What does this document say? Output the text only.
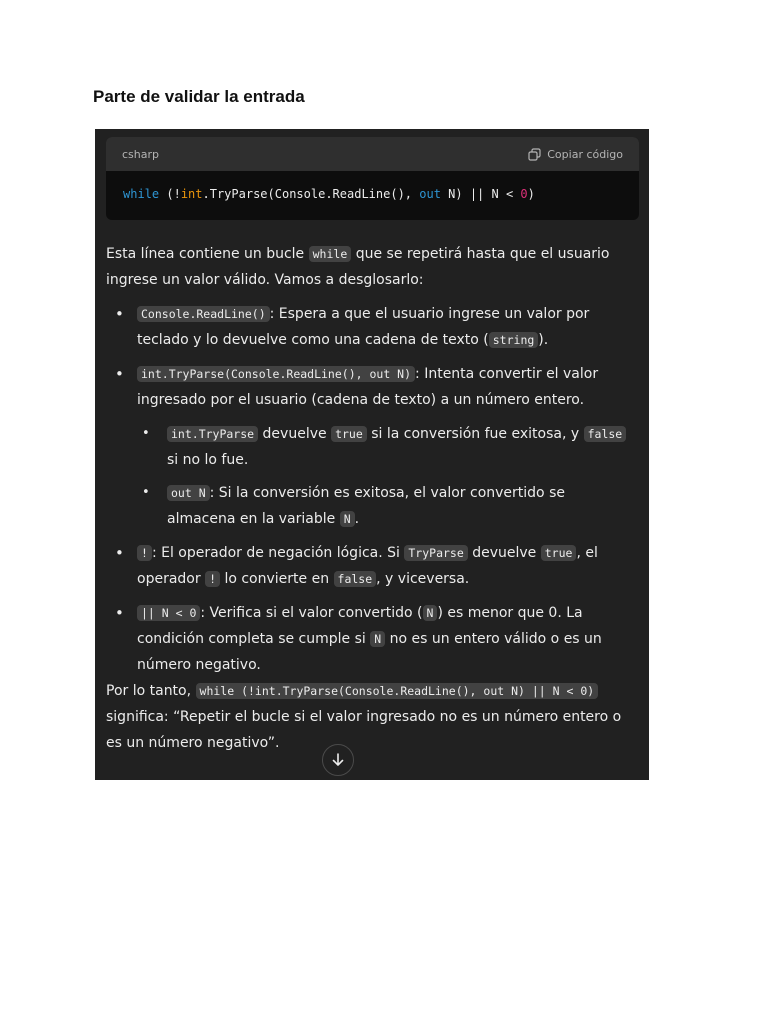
Parte de validar la entrada
csharp	Copiar código
while (!int.TryParse(Console.ReadLine(), out N) || N < 0)

Esta línea contiene un bucle while que se repetirá hasta que el usuario ingrese un valor válido. Vamos a desglosarlo:

• Console.ReadLine() : Espera a que el usuario ingrese un valor por teclado y lo devuelve como una cadena de texto ( string ).
• int.TryParse(Console.ReadLine(), out N) : Intenta convertir el valor ingresado por el usuario (cadena de texto) a un número entero.
• int.TryParse devuelve true si la conversión fue exitosa, y false si no lo fue.
• out N : Si la conversión es exitosa, el valor convertido se almacena en la variable N .
• ! : El operador de negación lógica. Si TryParse devuelve true , el operador ! lo convierte en false , y viceversa.
• || N < 0 : Verifica si el valor convertido ( N ) es menor que 0. La condición completa se cumple si N no es un entero válido o es un número negativo.

Por lo tanto, while (!int.TryParse(Console.ReadLine(), out N) || N < 0) significa: “Repetir el bucle si el valor ingresado no es un número entero o es un número negativo”.
